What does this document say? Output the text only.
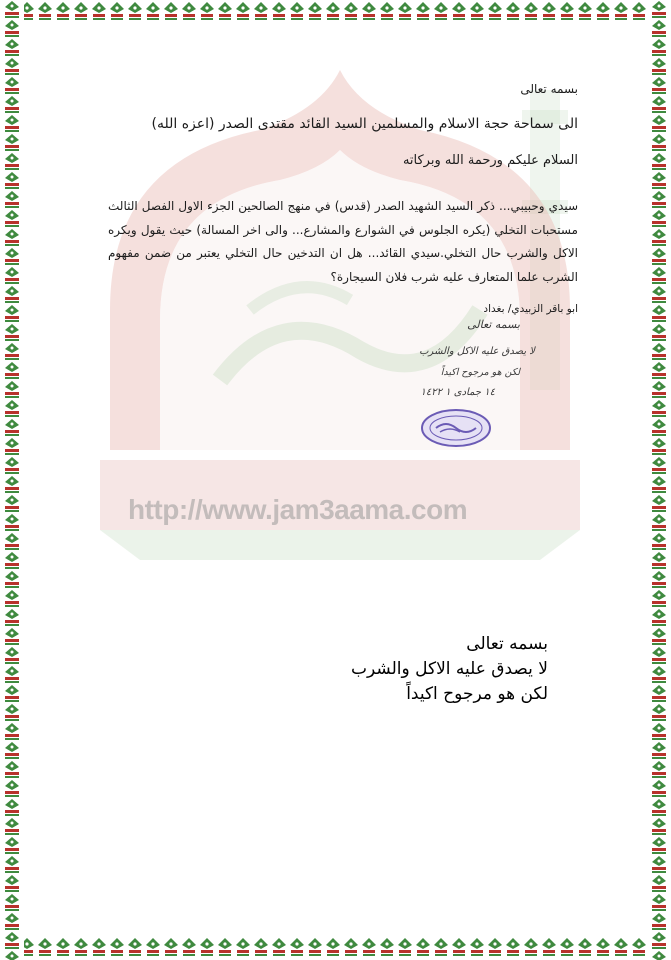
http://www.jam3aama.com
بسمه تعالى
الى سماحة حجة الاسلام والمسلمين السيد القائد مقتدى الصدر (اعزه الله)
السلام عليكم ورحمة الله وبركاته
سيدي وحبيبي... ذكر السيد الشهيد الصدر (قدس) في منهج الصالحين الجزء الاول الفصل الثالث مستحبات التخلي (يكره الجلوس في الشوارع والمشارع... والى اخر المسالة) حيث يقول ويكره الاكل والشرب حال التخلي.سيدي القائد... هل ان التدخين حال التخلي يعتبر من ضمن مفهوم الشرب علما المتعارف عليه شرب فلان السيجارة؟
ابو باقر الزبيدي/ بغداد
بسمه تعالى
لا يصدق عليه الاكل والشرب
لكن هو مرجوح اكيداً
١٤ جمادى ١ ١٤٢٢
بسمه تعالى
لا يصدق عليه الاكل والشرب
لكن هو مرجوح اكيداً
